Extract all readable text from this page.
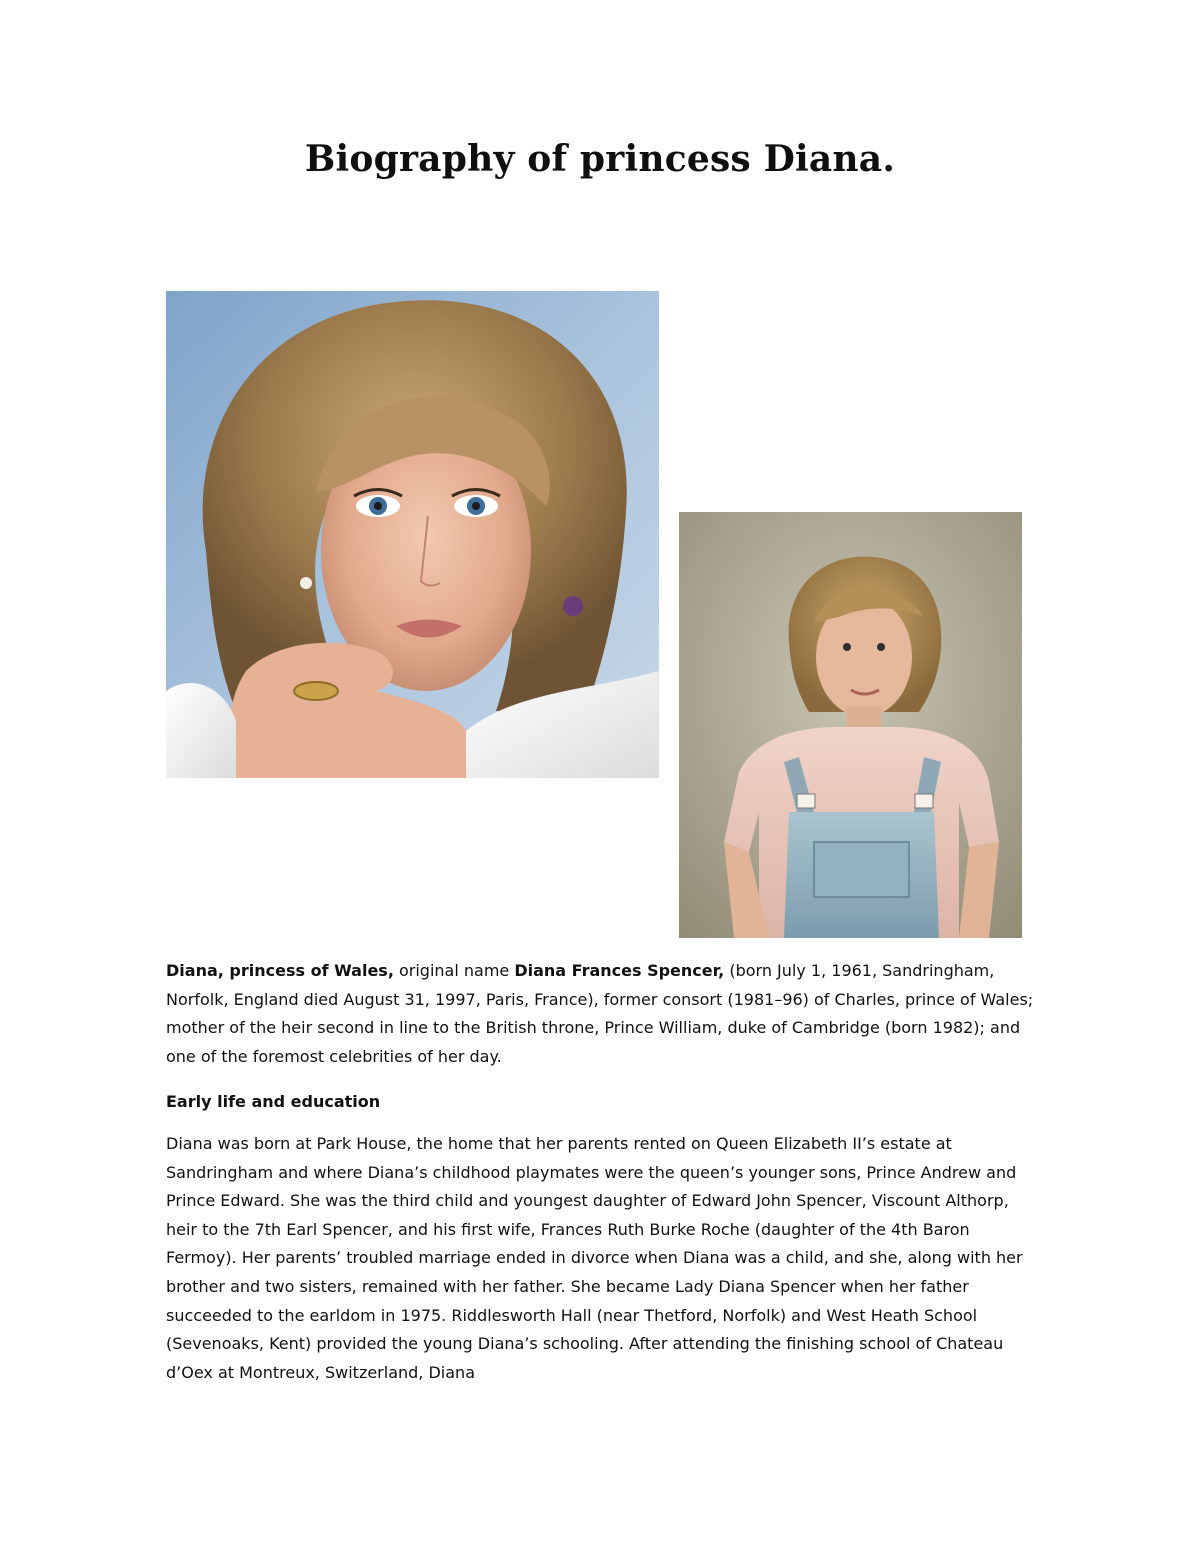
Biography of princess Diana.

Diana, princess of Wales, original name Diana Frances Spencer, (born July 1, 1961, Sandringham, Norfolk, England died August 31, 1997, Paris, France), former consort (1981–96) of Charles, prince of Wales; mother of the heir second in line to the British throne, Prince William, duke of Cambridge (born 1982); and one of the foremost celebrities of her day.

Early life and education

Diana was born at Park House, the home that her parents rented on Queen Elizabeth II’s estate at Sandringham and where Diana’s childhood playmates were the queen’s younger sons, Prince Andrew and Prince Edward. She was the third child and youngest daughter of Edward John Spencer, Viscount Althorp, heir to the 7th Earl Spencer, and his first wife, Frances Ruth Burke Roche (daughter of the 4th Baron Fermoy). Her parents’ troubled marriage ended in divorce when Diana was a child, and she, along with her brother and two sisters, remained with her father. She became Lady Diana Spencer when her father succeeded to the earldom in 1975. Riddlesworth Hall (near Thetford, Norfolk) and West Heath School (Sevenoaks, Kent) provided the young Diana’s schooling. After attending the finishing school of Chateau d’Oex at Montreux, Switzerland, Diana
